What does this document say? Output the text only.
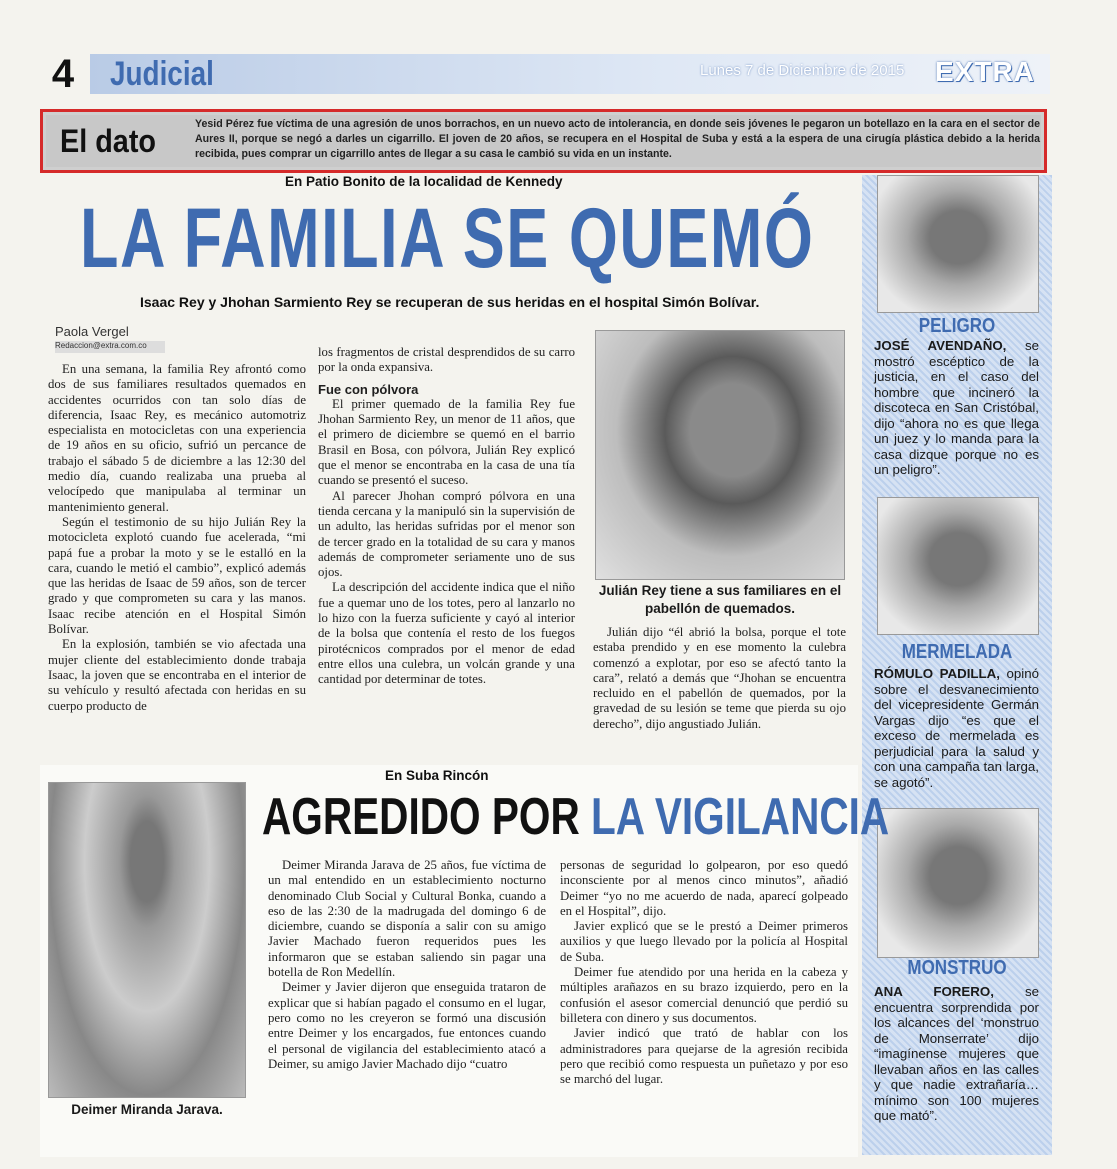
4	Judicial	Lunes 7 de Diciembre de 2015 EXTRA
El dato	Yesid Pérez fue víctima de una agresión de unos borrachos, en un nuevo acto de intolerancia, en donde seis jóvenes le pegaron un botellazo en la cara en el sector de Aures II, porque se negó a darles un cigarrillo. El joven de 20 años, se recupera en el Hospital de Suba y está a la espera de una cirugía plástica debido a la herida recibida, pues comprar un cigarrillo antes de llegar a su casa le cambió su vida en un instante.
En Patio Bonito de la localidad de Kennedy
LA FAMILIA SE QUEMÓ
Isaac Rey y Jhohan Sarmiento Rey se recuperan de sus heridas en el hospital Simón Bolívar.
Paola Vergel
Redaccion@extra.com.co

En una semana, la familia Rey afrontó como dos de sus familiares resultados quemados en accidentes ocurridos con tan solo días de diferencia, Isaac Rey, es mecánico automotriz especialista en motocicletas con una experiencia de 19 años en su oficio, sufrió un percance de trabajo el sábado 5 de diciembre a las 12:30 del medio día, cuando realizaba una prueba al velocípedo que manipulaba al terminar un mantenimiento general.

Según el testimonio de su hijo Julián Rey la motocicleta explotó cuando fue acelerada, “mi papá fue a probar la moto y se le estalló en la cara, cuando le metió el cambio”, explicó además que las heridas de Isaac de 59 años, son de tercer grado y que comprometen su cara y las manos. Isaac recibe atención en el Hospital Simón Bolívar.

En la explosión, también se vio afectada una mujer cliente del establecimiento donde trabaja Isaac, la joven que se encontraba en el interior de su vehículo y resultó afectada con heridas en su cuerpo producto de

los fragmentos de cristal desprendidos de su carro por la onda expansiva.

Fue con pólvora

El primer quemado de la familia Rey fue Jhohan Sarmiento Rey, un menor de 11 años, que el primero de diciembre se quemó en el barrio Brasil en Bosa, con pólvora, Julián Rey explicó que el menor se encontraba en la casa de una tía cuando se presentó el suceso.

Al parecer Jhohan compró pólvora en una tienda cercana y la manipuló sin la supervisión de un adulto, las heridas sufridas por el menor son de tercer grado en la totalidad de su cara y manos además de comprometer seriamente uno de sus ojos.

La descripción del accidente indica que el niño fue a quemar uno de los totes, pero al lanzarlo no lo hizo con la fuerza suficiente y cayó al interior de la bolsa que contenía el resto de los fuegos pirotécnicos comprados por el menor de edad entre ellos una culebra, un volcán grande y una cantidad por determinar de totes.

Julián Rey tiene a sus familiares en el pabellón de quemados.

Julián dijo “él abrió la bolsa, porque el tote estaba prendido y en ese momento la culebra comenzó a explotar, por eso se afectó tanto la cara”, relató a demás que “Jhohan se encuentra recluido en el pabellón de quemados, por la gravedad de su lesión se teme que pierda su ojo derecho”, dijo angustiado Julián.

PELIGRO
JOSÉ AVENDAÑO, se mostró escéptico de la justicia, en el caso del hombre que incineró la discoteca en San Cristóbal, dijo “ahora no es que llega un juez y lo manda para la casa dizque porque no es un peligro”.
MERMELADA
RÓMULO PADILLA, opinó sobre el desvanecimiento del vicepresidente Germán Vargas dijo “es que el exceso de mermelada es perjudicial para la salud y con una campaña tan larga, se agotó”.
MONSTRUO
ANA FORERO, se encuentra sorprendida por los alcances del ‘monstruo de Monserrate’ dijo “imagínense mujeres que llevaban años en las calles y que nadie extrañaría… mínimo son 100 mujeres que mató”.
En Suba Rincón
AGREDIDO POR LA VIGILANCIA
Deimer Miranda Jarava.

Deimer Miranda Jarava de 25 años, fue víctima de un mal entendido en un establecimiento nocturno denominado Club Social y Cultural Bonka, cuando a eso de las 2:30 de la madrugada del domingo 6 de diciembre, cuando se disponía a salir con su amigo Javier Machado fueron requeridos pues les informaron que se estaban saliendo sin pagar una botella de Ron Medellín.

Deimer y Javier dijeron que enseguida trataron de explicar que si habían pagado el consumo en el lugar, pero como no les creyeron se formó una discusión entre Deimer y los encargados, fue entonces cuando el personal de vigilancia del establecimiento atacó a Deimer, su amigo Javier Machado dijo “cuatro

personas de seguridad lo golpearon, por eso quedó inconsciente por al menos cinco minutos”, añadió Deimer “yo no me acuerdo de nada, aparecí golpeado en el Hospital”, dijo.

Javier explicó que se le prestó a Deimer primeros auxilios y que luego llevado por la policía al Hospital de Suba.

Deimer fue atendido por una herida en la cabeza y múltiples arañazos en su brazo izquierdo, pero en la confusión el asesor comercial denunció que perdió su billetera con dinero y sus documentos.

Javier indicó que trató de hablar con los administradores para quejarse de la agresión recibida pero que recibió como respuesta un puñetazo y por eso se marchó del lugar.
